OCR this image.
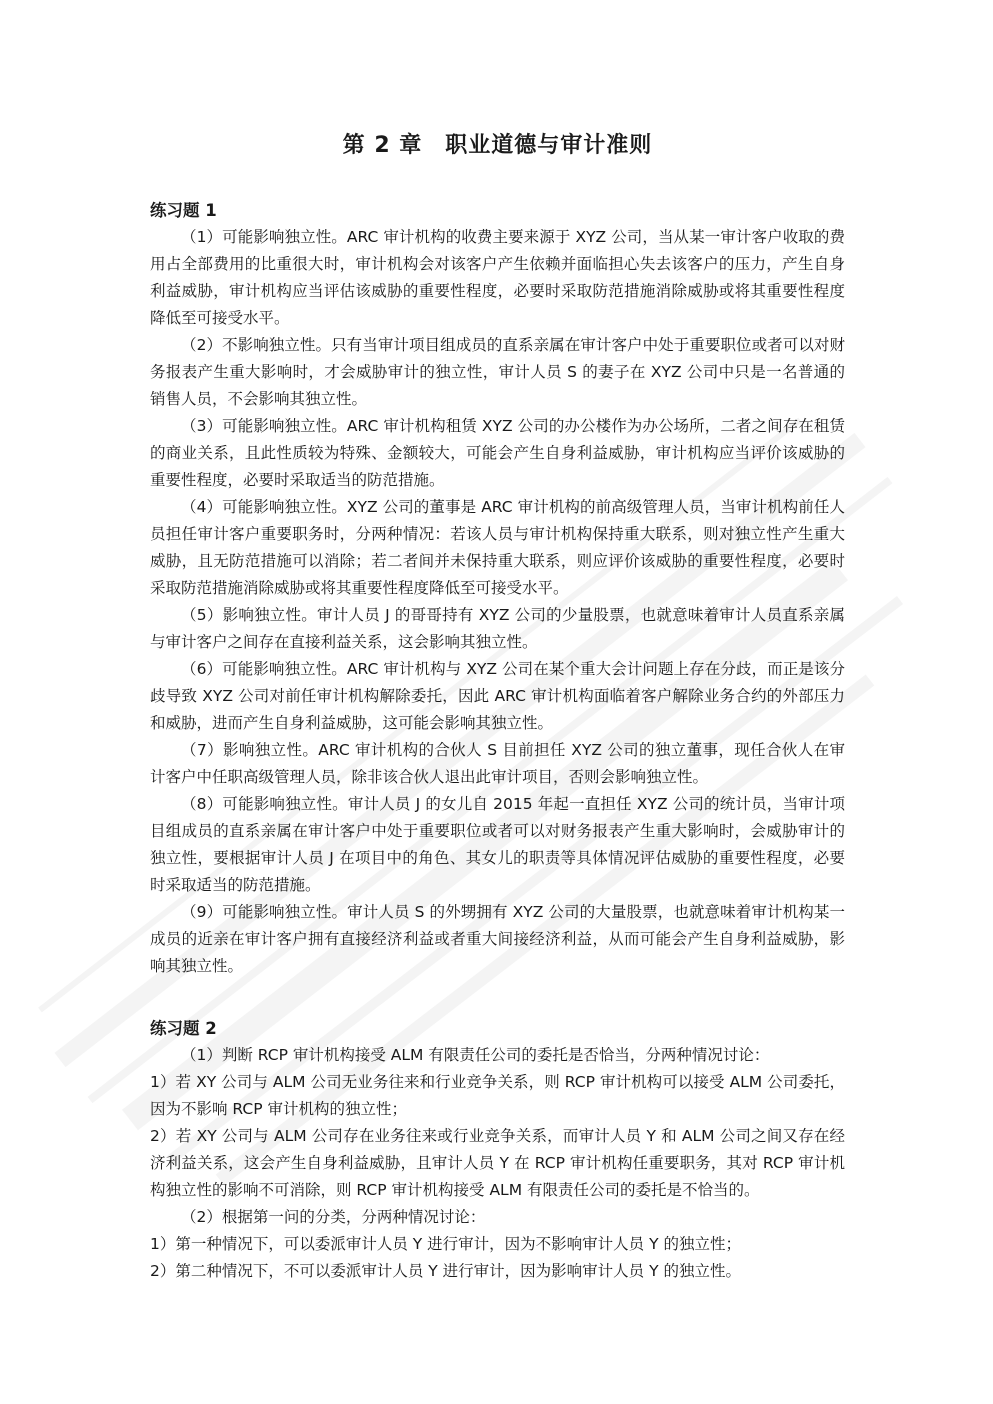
第 2 章　职业道德与审计准则
练习题 1

（1）可能影响独立性。ARC 审计机构的收费主要来源于 XYZ 公司，当从某一审计客户收取的费用占全部费用的比重很大时，审计机构会对该客户产生依赖并面临担心失去该客户的压力，产生自身利益威胁，审计机构应当评估该威胁的重要性程度，必要时采取防范措施消除威胁或将其重要性程度降低至可接受水平。

（2）不影响独立性。只有当审计项目组成员的直系亲属在审计客户中处于重要职位或者可以对财务报表产生重大影响时，才会威胁审计的独立性，审计人员 S 的妻子在 XYZ 公司中只是一名普通的销售人员，不会影响其独立性。

（3）可能影响独立性。ARC 审计机构租赁 XYZ 公司的办公楼作为办公场所，二者之间存在租赁的商业关系，且此性质较为特殊、金额较大，可能会产生自身利益威胁，审计机构应当评价该威胁的重要性程度，必要时采取适当的防范措施。

（4）可能影响独立性。XYZ 公司的董事是 ARC 审计机构的前高级管理人员，当审计机构前任人员担任审计客户重要职务时，分两种情况：若该人员与审计机构保持重大联系，则对独立性产生重大威胁，且无防范措施可以消除；若二者间并未保持重大联系，则应评价该威胁的重要性程度，必要时采取防范措施消除威胁或将其重要性程度降低至可接受水平。

（5）影响独立性。审计人员 J 的哥哥持有 XYZ 公司的少量股票，也就意味着审计人员直系亲属与审计客户之间存在直接利益关系，这会影响其独立性。

（6）可能影响独立性。ARC 审计机构与 XYZ 公司在某个重大会计问题上存在分歧，而正是该分歧导致 XYZ 公司对前任审计机构解除委托，因此 ARC 审计机构面临着客户解除业务合约的外部压力和威胁，进而产生自身利益威胁，这可能会影响其独立性。

（7）影响独立性。ARC 审计机构的合伙人 S 目前担任 XYZ 公司的独立董事，现任合伙人在审计客户中任职高级管理人员，除非该合伙人退出此审计项目，否则会影响独立性。

（8）可能影响独立性。审计人员 J 的女儿自 2015 年起一直担任 XYZ 公司的统计员，当审计项目组成员的直系亲属在审计客户中处于重要职位或者可以对财务报表产生重大影响时，会威胁审计的独立性，要根据审计人员 J 在项目中的角色、其女儿的职责等具体情况评估威胁的重要性程度，必要时采取适当的防范措施。

（9）可能影响独立性。审计人员 S 的外甥拥有 XYZ 公司的大量股票，也就意味着审计机构某一成员的近亲在审计客户拥有直接经济利益或者重大间接经济利益，从而可能会产生自身利益威胁，影响其独立性。

练习题 2

（1）判断 RCP 审计机构接受 ALM 有限责任公司的委托是否恰当，分两种情况讨论：

1）若 XY 公司与 ALM 公司无业务往来和行业竞争关系，则 RCP 审计机构可以接受 ALM 公司委托，因为不影响 RCP 审计机构的独立性；

2）若 XY 公司与 ALM 公司存在业务往来或行业竞争关系，而审计人员 Y 和 ALM 公司之间又存在经济利益关系，这会产生自身利益威胁，且审计人员 Y 在 RCP 审计机构任重要职务，其对 RCP 审计机构独立性的影响不可消除，则 RCP 审计机构接受 ALM 有限责任公司的委托是不恰当的。

（2）根据第一问的分类，分两种情况讨论：

1）第一种情况下，可以委派审计人员 Y 进行审计，因为不影响审计人员 Y 的独立性；

2）第二种情况下，不可以委派审计人员 Y 进行审计，因为影响审计人员 Y 的独立性。
